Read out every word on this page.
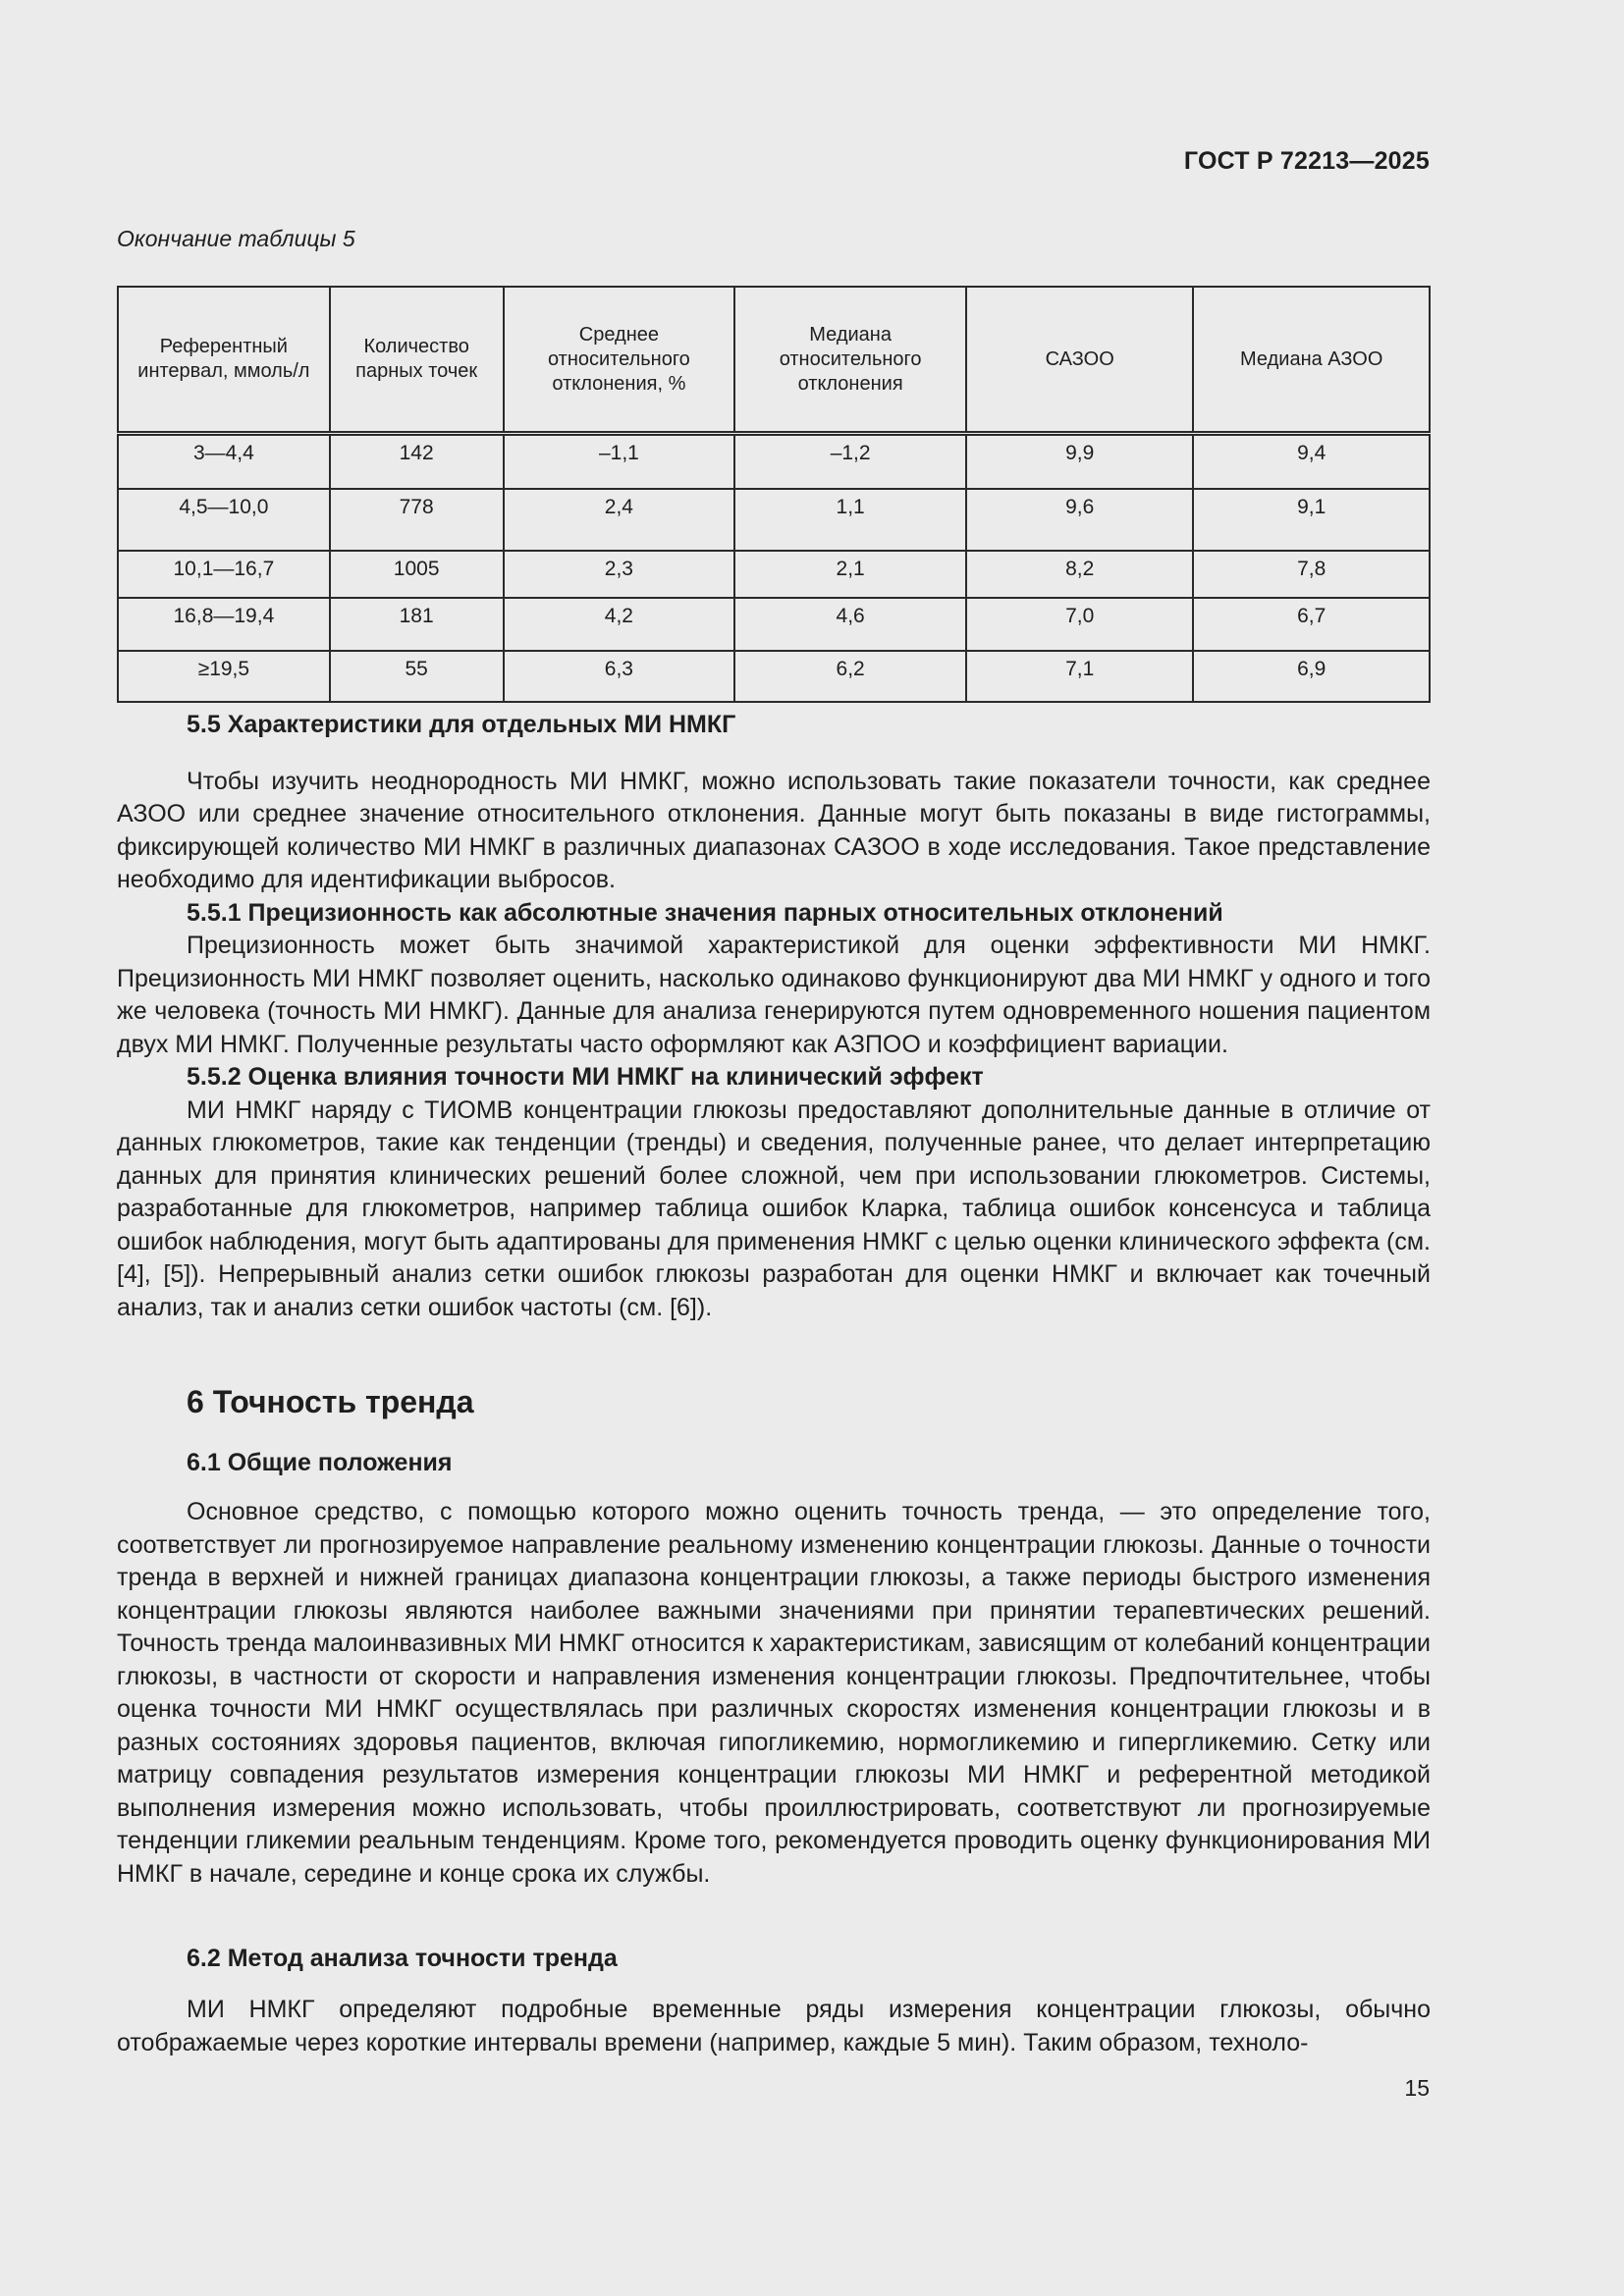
ГОСТ Р 72213—2025
Окончание таблицы 5
Референтный интервал, ммоль/л	Количество парных точек	Среднее относительного отклонения, %	Медиана относительного отклонения	САЗОО	Медиана АЗОО
3—4,4	142	–1,1	–1,2	9,9	9,4
4,5—10,0	778	2,4	1,1	9,6	9,1
10,1—16,7	1005	2,3	2,1	8,2	7,8
16,8—19,4	181	4,2	4,6	7,0	6,7
≥19,5	55	6,3	6,2	7,1	6,9
5.5 Характеристики для отдельных МИ НМКГ

Чтобы изучить неоднородность МИ НМКГ, можно использовать такие показатели точности, как среднее АЗОО или среднее значение относительного отклонения. Данные могут быть показаны в виде гистограммы, фиксирующей количество МИ НМКГ в различных диапазонах САЗОО в ходе исследования. Такое представление необходимо для идентификации выбросов.

5.5.1 Прецизионность как абсолютные значения парных относительных отклонений

Прецизионность может быть значимой характеристикой для оценки эффективности МИ НМКГ. Прецизионность МИ НМКГ позволяет оценить, насколько одинаково функционируют два МИ НМКГ у одного и того же человека (точность МИ НМКГ). Данные для анализа генерируются путем одновременного ношения пациентом двух МИ НМКГ. Полученные результаты часто оформляют как АЗПОО и коэффициент вариации.

5.5.2 Оценка влияния точности МИ НМКГ на клинический эффект

МИ НМКГ наряду с ТИОМВ концентрации глюкозы предоставляют дополнительные данные в отличие от данных глюкометров, такие как тенденции (тренды) и сведения, полученные ранее, что делает интерпретацию данных для принятия клинических решений более сложной, чем при использовании глюкометров. Системы, разработанные для глюкометров, например таблица ошибок Кларка, таблица ошибок консенсуса и таблица ошибок наблюдения, могут быть адаптированы для применения НМКГ с целью оценки клинического эффекта (см. [4], [5]). Непрерывный анализ сетки ошибок глюкозы разработан для оценки НМКГ и включает как точечный анализ, так и анализ сетки ошибок частоты (см. [6]).

6 Точность тренда
6.1 Общие положения

Основное средство, с помощью которого можно оценить точность тренда, — это определение того, соответствует ли прогнозируемое направление реальному изменению концентрации глюкозы. Данные о точности тренда в верхней и нижней границах диапазона концентрации глюкозы, а также периоды быстрого изменения концентрации глюкозы являются наиболее важными значениями при принятии терапевтических решений. Точность тренда малоинвазивных МИ НМКГ относится к характеристикам, зависящим от колебаний концентрации глюкозы, в частности от скорости и направления изменения концентрации глюкозы. Предпочтительнее, чтобы оценка точности МИ НМКГ осуществлялась при различных скоростях изменения концентрации глюкозы и в разных состояниях здоровья пациентов, включая гипогликемию, нормогликемию и гипергликемию. Сетку или матрицу совпадения результатов измерения концентрации глюкозы МИ НМКГ и референтной методикой выполнения измерения можно использовать, чтобы проиллюстрировать, соответствуют ли прогнозируемые тенденции гликемии реальным тенденциям. Кроме того, рекомендуется проводить оценку функционирования МИ НМКГ в начале, середине и конце срока их службы.

6.2 Метод анализа точности тренда

МИ НМКГ определяют подробные временные ряды измерения концентрации глюкозы, обычно отображаемые через короткие интервалы времени (например, каждые 5 мин). Таким образом, техноло-

15
